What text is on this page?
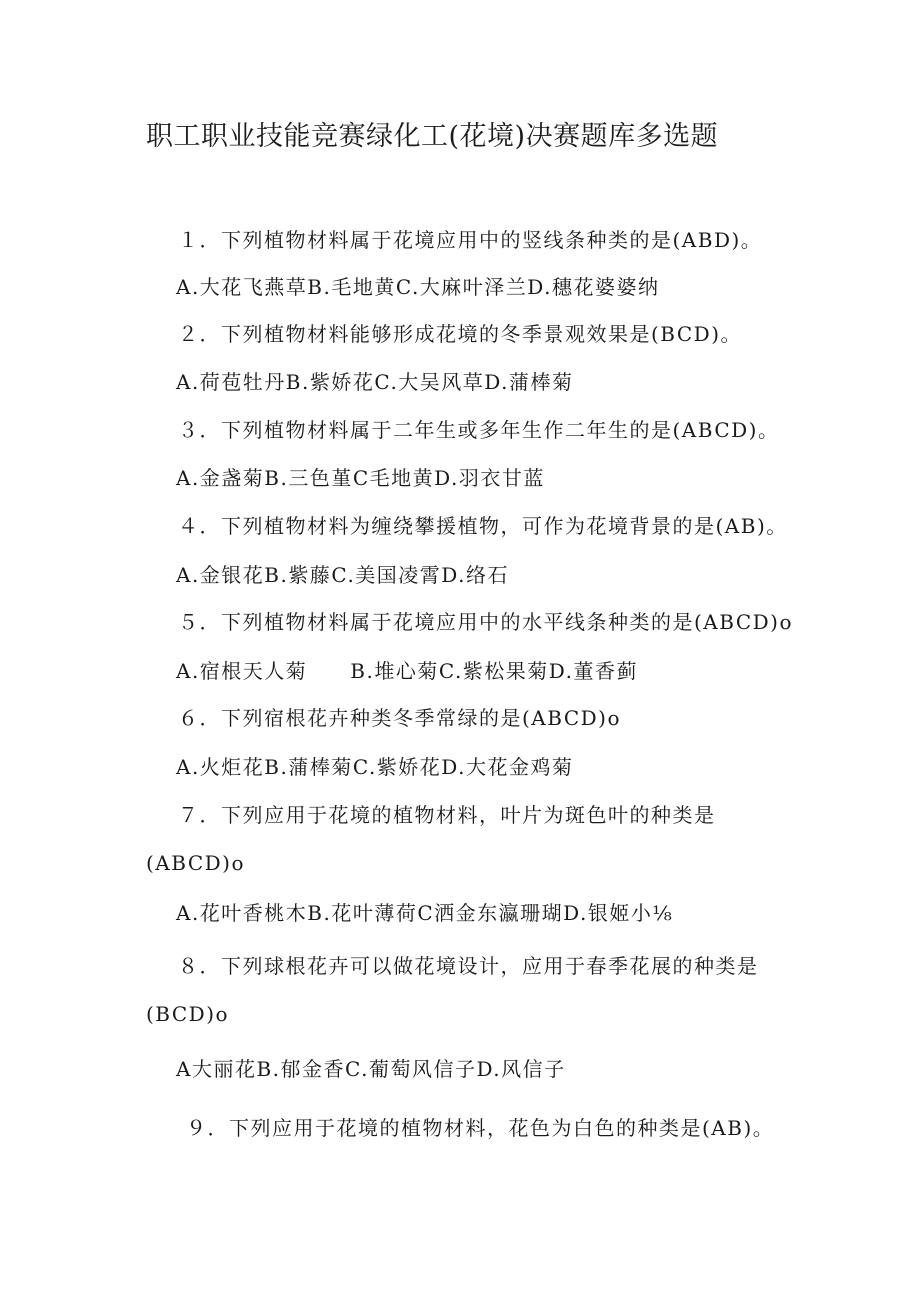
职工职业技能竞赛绿化工(花境)决赛题库多选题
１．下列植物材料属于花境应用中的竖线条种类的是(ABD)。
A.大花飞燕草B.毛地黄C.大麻叶泽兰D.穗花婆婆纳
２．下列植物材料能够形成花境的冬季景观效果是(BCD)。
A.荷苞牡丹B.紫娇花C.大吴风草D.蒲棒菊
３．下列植物材料属于二年生或多年生作二年生的是(ABCD)。
A.金盏菊B.三色堇C毛地黄D.羽衣甘蓝
４．下列植物材料为缠绕攀援植物，可作为花境背景的是(AB)。
A.金银花B.紫藤C.美国凌霄D.络石
５．下列植物材料属于花境应用中的水平线条种类的是(ABCD)o
A.宿根天人菊　　B.堆心菊C.紫松果菊D.董香蓟
６．下列宿根花卉种类冬季常绿的是(ABCD)o
A.火炬花B.蒲棒菊C.紫娇花D.大花金鸡菊
７．下列应用于花境的植物材料，叶片为斑色叶的种类是
(ABCD)o
A.花叶香桃木B.花叶薄荷C洒金东瀛珊瑚D.银姬小⅛
８．下列球根花卉可以做花境设计，应用于春季花展的种类是
(BCD)o
A大丽花B.郁金香C.葡萄风信子D.风信子
９．下列应用于花境的植物材料，花色为白色的种类是(AB)。
